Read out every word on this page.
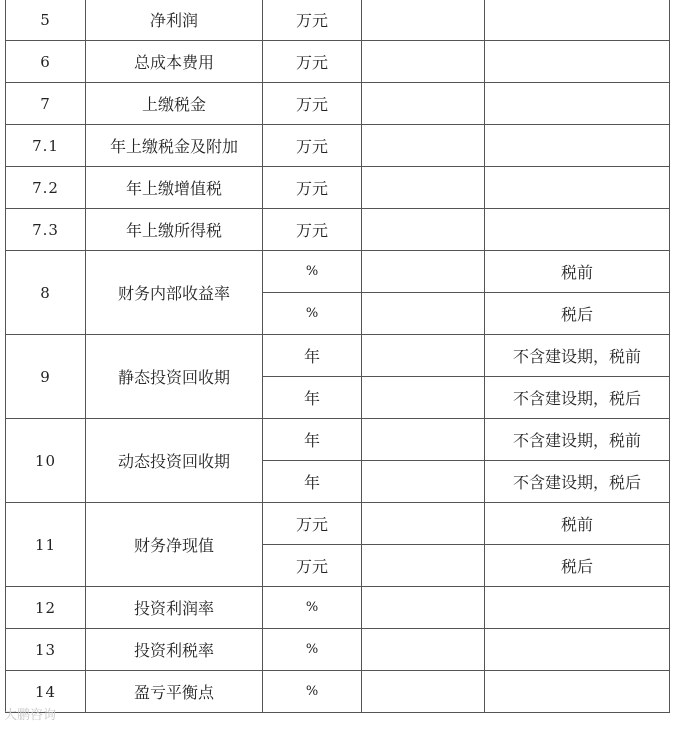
5	净利润	万元		
6	总成本费用	万元		
7	上缴税金	万元		
7.1	年上缴税金及附加	万元		
7.2	年上缴增值税	万元		
7.3	年上缴所得税	万元		
8	财务内部收益率	%		税前
		%		税后
9	静态投资回收期	年		不含建设期，税前
		年		不含建设期，税后
10	动态投资回收期	年		不含建设期，税前
		年		不含建设期，税后
11	财务净现值	万元		税前
		万元		税后
12	投资利润率	%		
13	投资利税率	%		
14	盈亏平衡点	%		
大鹏咨询
